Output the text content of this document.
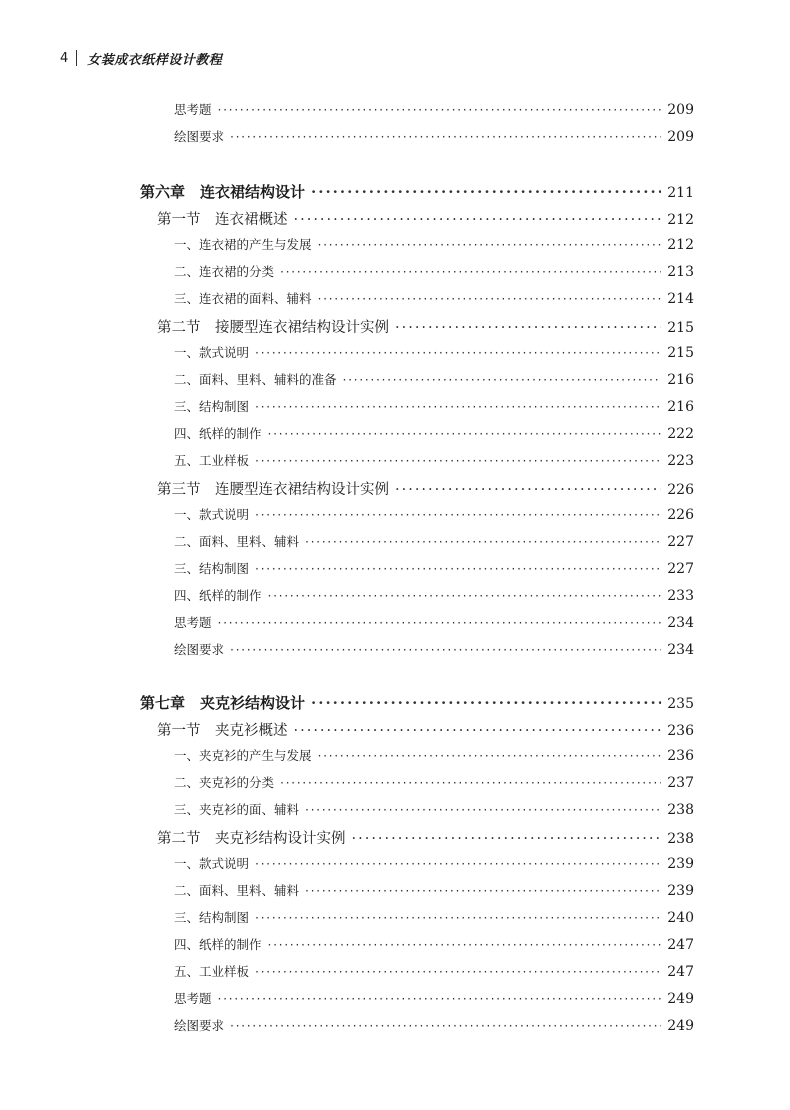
4 女装成衣纸样设计教程
思考题 ·····	209
绘图要求 ·····	209
第六章　连衣裙结构设计 ·····	211
第一节　连衣裙概述 ·····	212
一、连衣裙的产生与发展 ·····	212
二、连衣裙的分类 ·····	213
三、连衣裙的面料、辅料 ·····	214
第二节　接腰型连衣裙结构设计实例 ·····	215
一、款式说明 ·····	215
二、面料、里料、辅料的准备 ·····	216
三、结构制图 ·····	216
四、纸样的制作 ·····	222
五、工业样板 ·····	223
第三节　连腰型连衣裙结构设计实例 ·····	226
一、款式说明 ·····	226
二、面料、里料、辅料 ·····	227
三、结构制图 ·····	227
四、纸样的制作 ·····	233
思考题 ·····	234
绘图要求 ·····	234
第七章　夹克衫结构设计 ·····	235
第一节　夹克衫概述 ·····	236
一、夹克衫的产生与发展 ·····	236
二、夹克衫的分类 ·····	237
三、夹克衫的面、辅料 ·····	238
第二节　夹克衫结构设计实例 ·····	238
一、款式说明 ·····	239
二、面料、里料、辅料 ·····	239
三、结构制图 ·····	240
四、纸样的制作 ·····	247
五、工业样板 ·····	247
思考题 ·····	249
绘图要求 ·····	249
